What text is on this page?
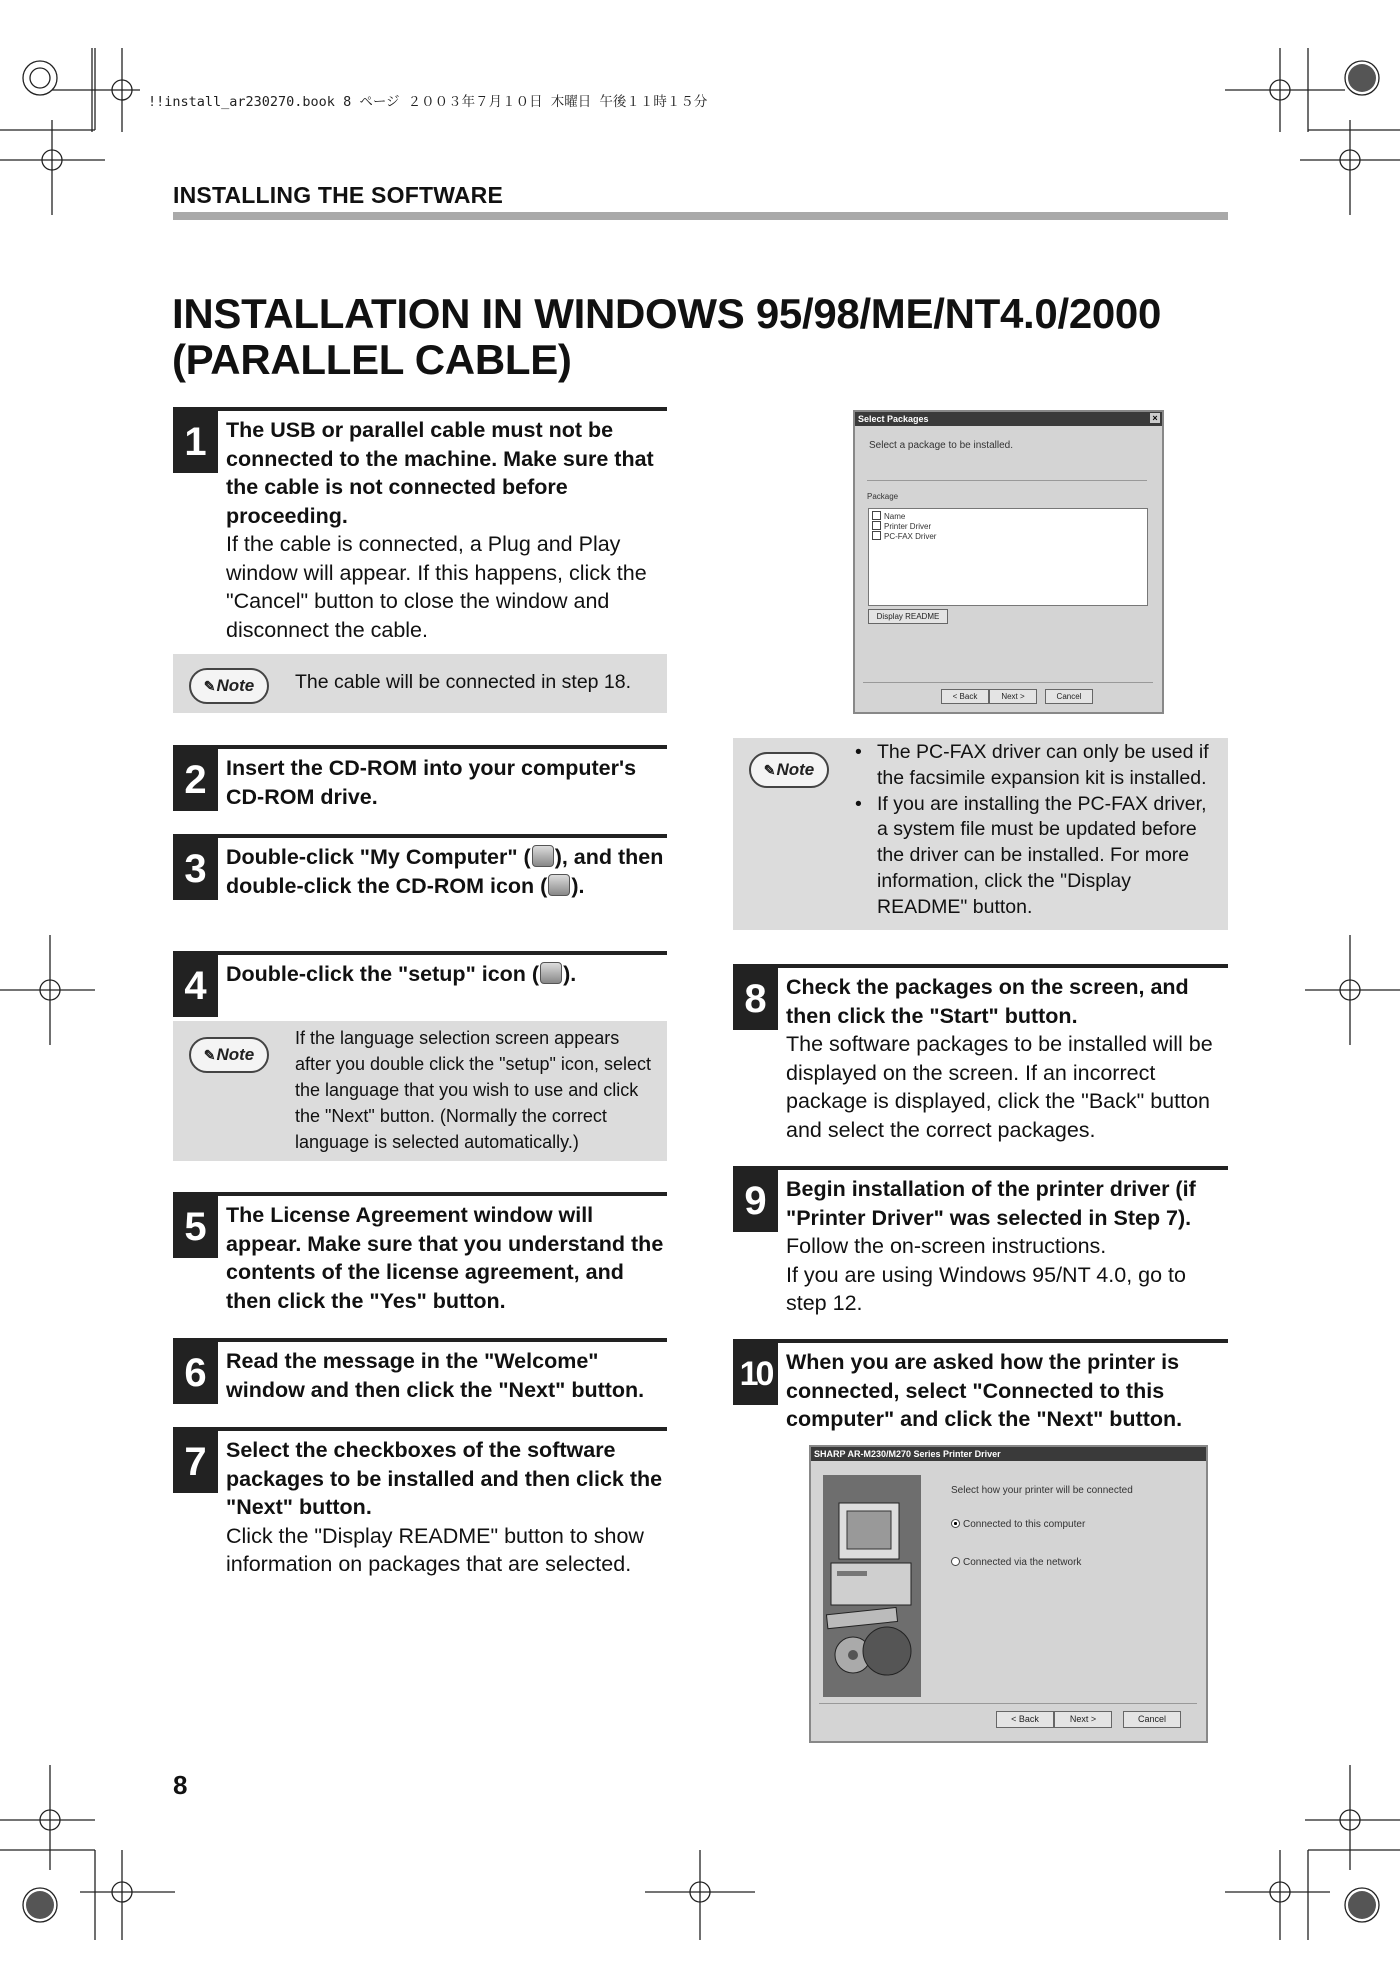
!!install_ar230270.book 8 ページ ２００３年７月１０日 木曜日 午後１１時１５分
INSTALLING THE SOFTWARE
INSTALLATION IN WINDOWS 95/98/ME/NT4.0/2000
(PARALLEL CABLE)
1 The USB or parallel cable must not be connected to the machine. Make sure that the cable is not connected before proceeding.
If the cable is connected, a Plug and Play window will appear. If this happens, click the "Cancel" button to close the window and disconnect the cable.
✎Note	The cable will be connected in step 18.
2 Insert the CD-ROM into your computer's CD-ROM drive.
3 Double-click "My Computer" ( ), and then double-click the CD-ROM icon ( ).
4 Double-click the "setup" icon ( ).
✎Note
If the language selection screen appears after you double click the "setup" icon, select the language that you wish to use and click the "Next" button. (Normally the correct language is selected automatically.)
5 The License Agreement window will appear. Make sure that you understand the contents of the license agreement, and then click the "Yes" button.
6 Read the message in the "Welcome" window and then click the "Next" button.
7 Select the checkboxes of the software packages to be installed and then click the "Next" button.
Click the "Display README" button to show information on packages that are selected.
Select Packages	×
Select a package to be installed.
Package
Name
Printer Driver
PC-FAX Driver
Display README
< Back	Next >	Cancel
✎Note
• The PC-FAX driver can only be used if the facsimile expansion kit is installed.
• If you are installing the PC-FAX driver, a system file must be updated before the driver can be installed. For more information, click the "Display README" button.
8 Check the packages on the screen, and then click the "Start" button.
The software packages to be installed will be displayed on the screen. If an incorrect package is displayed, click the "Back" button and select the correct packages.
9 Begin installation of the printer driver (if "Printer Driver" was selected in Step 7).
Follow the on-screen instructions.
If you are using Windows 95/NT 4.0, go to step 12.
10 When you are asked how the printer is connected, select "Connected to this computer" and click the "Next" button.
SHARP AR-M230/M270 Series Printer Driver
Select how your printer will be connected
Connected to this computer
Connected via the network
< Back	Next >	Cancel
8
